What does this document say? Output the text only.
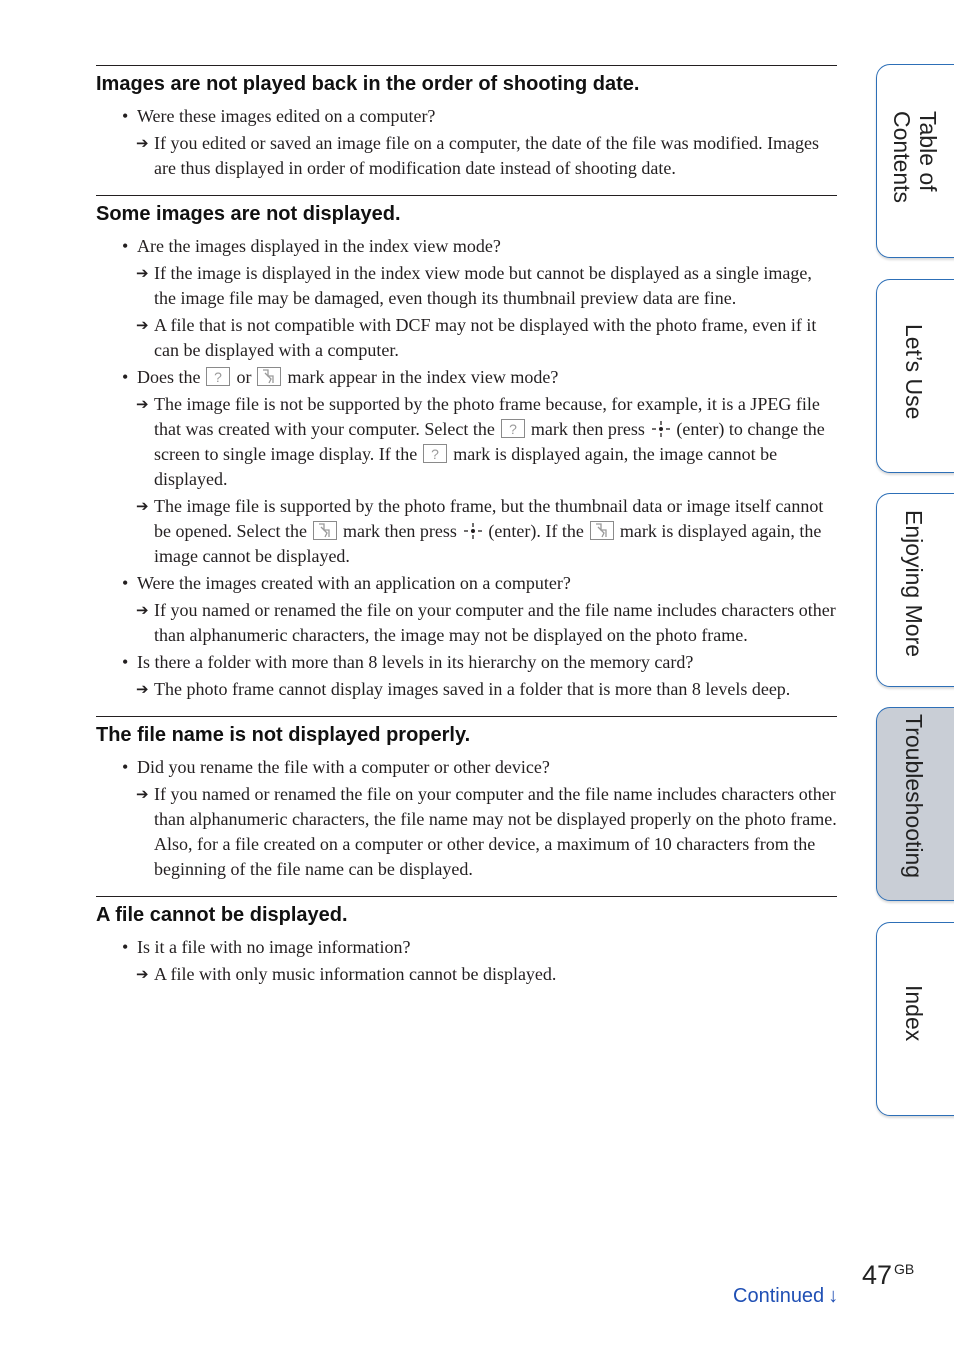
Images are not played back in the order of shooting date.

• Were these images edited on a computer?

➔ If you edited or saved an image file on a computer, the date of the file was modified. Images are thus displayed in order of modification date instead of shooting date.

Some images are not displayed.

• Are the images displayed in the index view mode?

➔ If the image is displayed in the index view mode but cannot be displayed as a single image, the image file may be damaged, even though its thumbnail preview data are fine.

➔ A file that is not compatible with DCF may not be displayed with the photo frame, even if it can be displayed with a computer.

• Does the ? or mark appear in the index view mode?

➔ The image file is not be supported by the photo frame because, for example, it is a JPEG file that was created with your computer. Select the ? mark then press (enter) to change the screen to single image display. If the ? mark is displayed again, the image cannot be displayed.

➔ The image file is supported by the photo frame, but the thumbnail data or image itself cannot be opened. Select the mark then press (enter). If the mark is displayed again, the image cannot be displayed.

• Were the images created with an application on a computer?

➔ If you named or renamed the file on your computer and the file name includes characters other than alphanumeric characters, the image may not be displayed on the photo frame.

• Is there a folder with more than 8 levels in its hierarchy on the memory card?

➔ The photo frame cannot display images saved in a folder that is more than 8 levels deep.

The file name is not displayed properly.

• Did you rename the file with a computer or other device?

➔ If you named or renamed the file on your computer and the file name includes characters other than alphanumeric characters, the file name may not be displayed properly on the photo frame. Also, for a file created on a computer or other device, a maximum of 10 characters from the beginning of the file name can be displayed.

A file cannot be displayed.

• Is it a file with no image information?

➔ A file with only music information cannot be displayed.

Table of
Contents
Let’s Use
Enjoying More
Troubleshooting
Index
47 $^{GB}$
Continued ↓
